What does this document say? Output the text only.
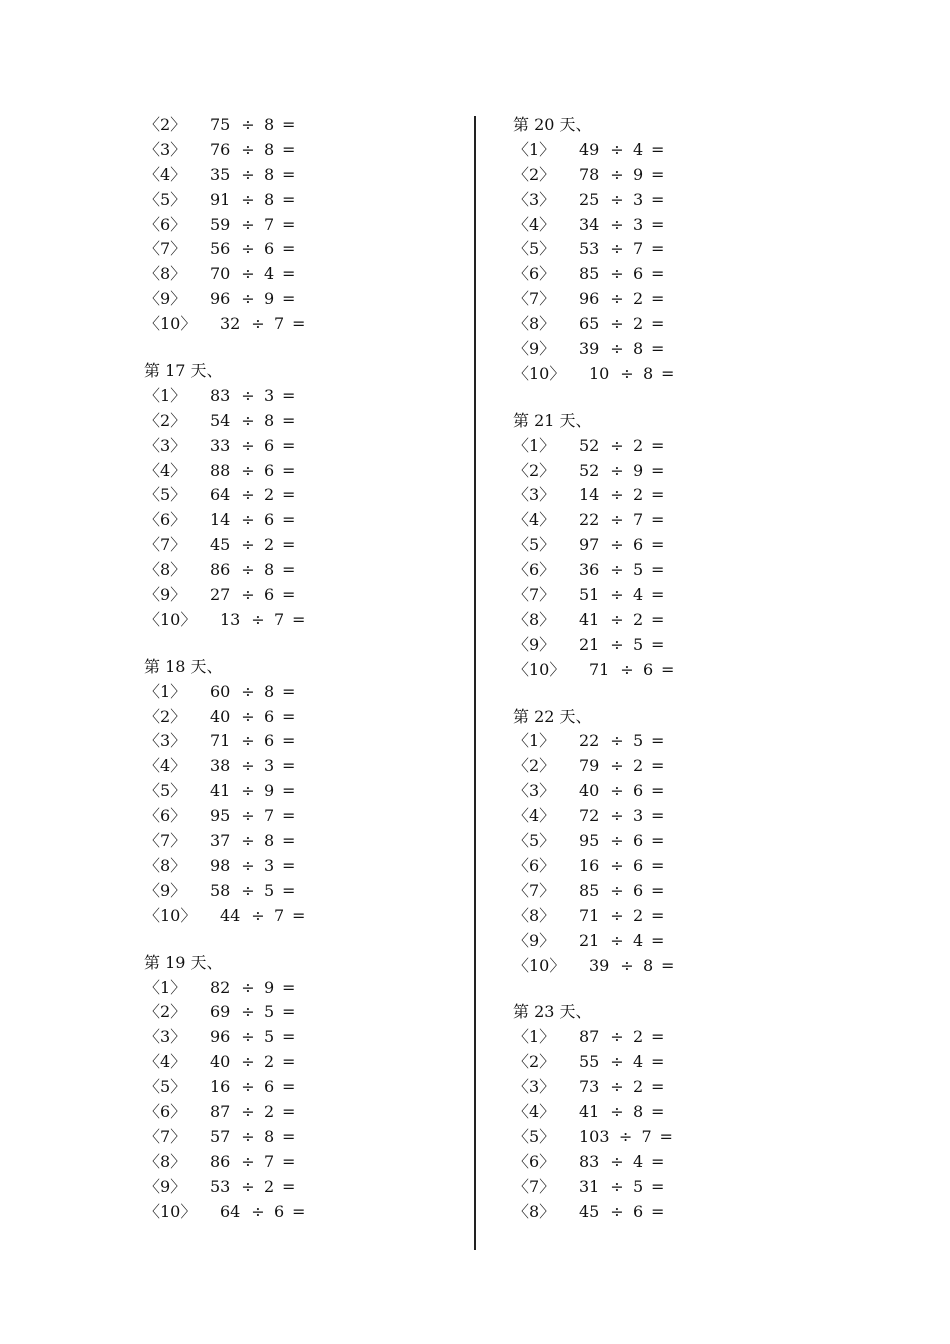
〈2〉 75 ÷ 8 =
〈3〉 76 ÷ 8 =
〈4〉 35 ÷ 8 =
〈5〉 91 ÷ 8 =
〈6〉 59 ÷ 7 =
〈7〉 56 ÷ 6 =
〈8〉 70 ÷ 4 =
〈9〉 96 ÷ 9 =
〈10〉 32 ÷ 7 =
第 17 天、
〈1〉 83 ÷ 3 =
〈2〉 54 ÷ 8 =
〈3〉 33 ÷ 6 =
〈4〉 88 ÷ 6 =
〈5〉 64 ÷ 2 =
〈6〉 14 ÷ 6 =
〈7〉 45 ÷ 2 =
〈8〉 86 ÷ 8 =
〈9〉 27 ÷ 6 =
〈10〉 13 ÷ 7 =
第 18 天、
〈1〉 60 ÷ 8 =
〈2〉 40 ÷ 6 =
〈3〉 71 ÷ 6 =
〈4〉 38 ÷ 3 =
〈5〉 41 ÷ 9 =
〈6〉 95 ÷ 7 =
〈7〉 37 ÷ 8 =
〈8〉 98 ÷ 3 =
〈9〉 58 ÷ 5 =
〈10〉 44 ÷ 7 =
第 19 天、
〈1〉 82 ÷ 9 =
〈2〉 69 ÷ 5 =
〈3〉 96 ÷ 5 =
〈4〉 40 ÷ 2 =
〈5〉 16 ÷ 6 =
〈6〉 87 ÷ 2 =
〈7〉 57 ÷ 8 =
〈8〉 86 ÷ 7 =
〈9〉 53 ÷ 2 =
〈10〉 64 ÷ 6 =
第 20 天、
〈1〉 49 ÷ 4 =
〈2〉 78 ÷ 9 =
〈3〉 25 ÷ 3 =
〈4〉 34 ÷ 3 =
〈5〉 53 ÷ 7 =
〈6〉 85 ÷ 6 =
〈7〉 96 ÷ 2 =
〈8〉 65 ÷ 2 =
〈9〉 39 ÷ 8 =
〈10〉 10 ÷ 8 =
第 21 天、
〈1〉 52 ÷ 2 =
〈2〉 52 ÷ 9 =
〈3〉 14 ÷ 2 =
〈4〉 22 ÷ 7 =
〈5〉 97 ÷ 6 =
〈6〉 36 ÷ 5 =
〈7〉 51 ÷ 4 =
〈8〉 41 ÷ 2 =
〈9〉 21 ÷ 5 =
〈10〉 71 ÷ 6 =
第 22 天、
〈1〉 22 ÷ 5 =
〈2〉 79 ÷ 2 =
〈3〉 40 ÷ 6 =
〈4〉 72 ÷ 3 =
〈5〉 95 ÷ 6 =
〈6〉 16 ÷ 6 =
〈7〉 85 ÷ 6 =
〈8〉 71 ÷ 2 =
〈9〉 21 ÷ 4 =
〈10〉 39 ÷ 8 =
第 23 天、
〈1〉 87 ÷ 2 =
〈2〉 55 ÷ 4 =
〈3〉 73 ÷ 2 =
〈4〉 41 ÷ 8 =
〈5〉 103 ÷ 7 =
〈6〉 83 ÷ 4 =
〈7〉 31 ÷ 5 =
〈8〉 45 ÷ 6 =
